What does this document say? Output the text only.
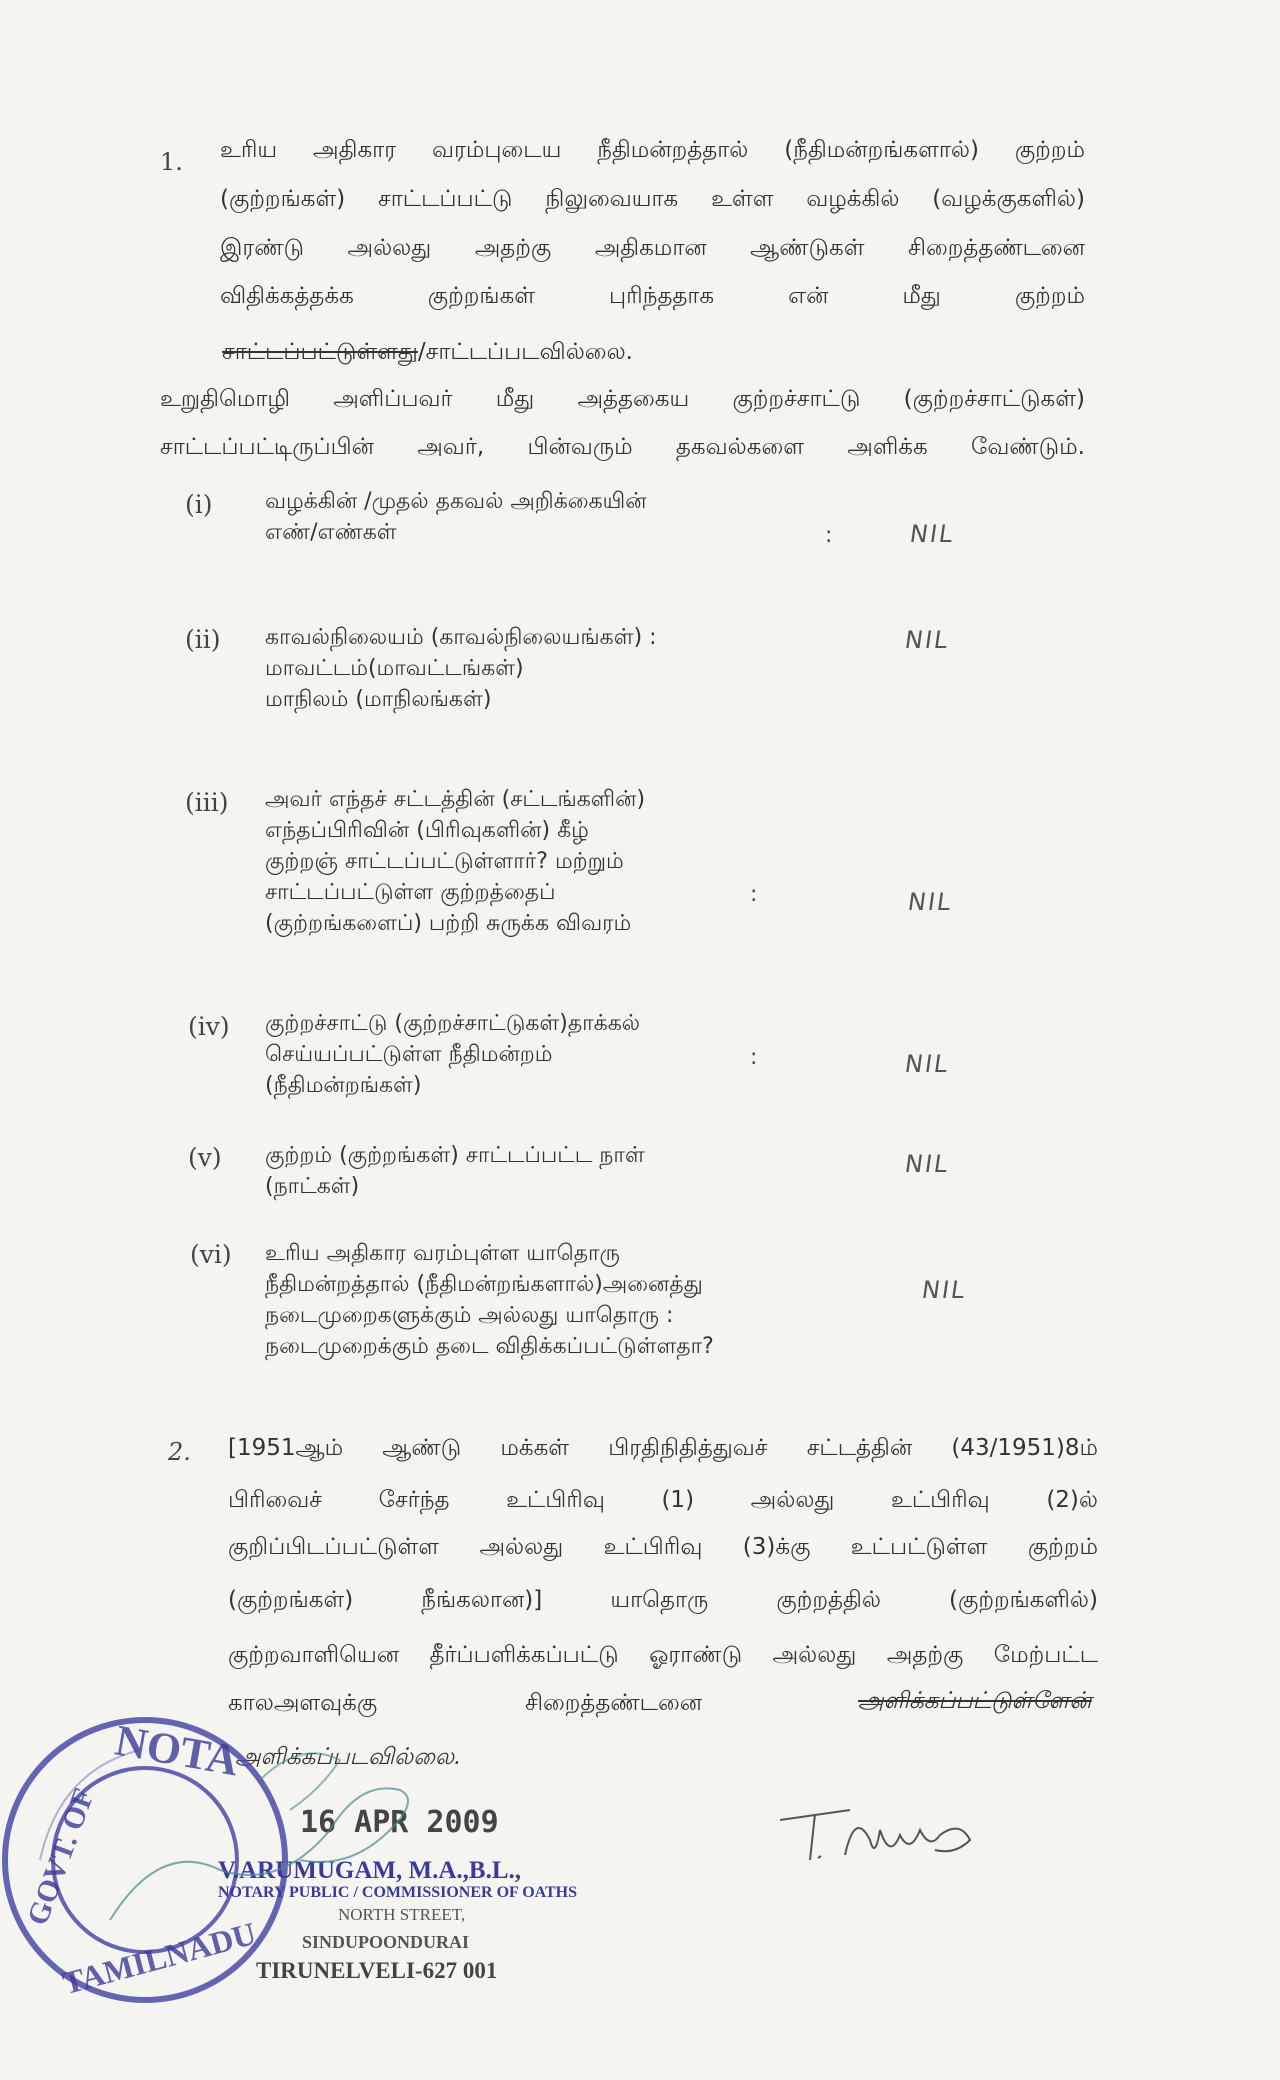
1. உரிய அதிகார வரம்புடைய நீதிமன்றத்தால் (நீதிமன்றங்களால்) குற்றம்
(குற்றங்கள்) சாட்டப்பட்டு நிலுவையாக உள்ள வழக்கில் (வழக்குகளில்)
இரண்டு அல்லது அதற்கு அதிகமான ஆண்டுகள் சிறைத்தண்டனை
விதிக்கத்தக்க குற்றங்கள் புரிந்ததாக என் மீது குற்றம்
சாட்டப்பட்டுள்ளது/சாட்டப்படவில்லை.
உறுதிமொழி அளிப்பவர் மீது அத்தகைய குற்றச்சாட்டு (குற்றச்சாட்டுகள்)
சாட்டப்பட்டிருப்பின் அவர், பின்வரும் தகவல்களை அளிக்க வேண்டும்.
(i) வழக்கின் /முதல் தகவல் அறிக்கையின்
எண்/எண்கள்	:	NIL
(ii) காவல்நிலையம் (காவல்நிலையங்கள்) :
மாவட்டம்(மாவட்டங்கள்)
மாநிலம் (மாநிலங்கள்)
NIL
(iii) அவர் எந்தச் சட்டத்தின் (சட்டங்களின்)
எந்தப்பிரிவின் (பிரிவுகளின்) கீழ்
குற்றஞ் சாட்டப்பட்டுள்ளார்? மற்றும்
சாட்டப்பட்டுள்ள குற்றத்தைப்
(குற்றங்களைப்) பற்றி சுருக்க விவரம்
:	NIL
(iv) குற்றச்சாட்டு (குற்றச்சாட்டுகள்)தாக்கல்
செய்யப்பட்டுள்ள நீதிமன்றம்
(நீதிமன்றங்கள்)
:	NIL
(v) குற்றம் (குற்றங்கள்) சாட்டப்பட்ட நாள்
(நாட்கள்)
NIL
(vi) உரிய அதிகார வரம்புள்ள யாதொரு
நீதிமன்றத்தால் (நீதிமன்றங்களால்)அனைத்து
நடைமுறைகளுக்கும் அல்லது யாதொரு :
நடைமுறைக்கும் தடை விதிக்கப்பட்டுள்ளதா?
NIL
2. [1951ஆம் ஆண்டு மக்கள் பிரதிநிதித்துவச் சட்டத்தின் (43/1951)8ம்
பிரிவைச் சேர்ந்த உட்பிரிவு (1) அல்லது உட்பிரிவு (2)ல்
குறிப்பிடப்பட்டுள்ள அல்லது உட்பிரிவு (3)க்கு உட்பட்டுள்ள குற்றம்
(குற்றங்கள்) நீங்கலான)] யாதொரு குற்றத்தில் (குற்றங்களில்)
குற்றவாளியென தீர்ப்பளிக்கப்பட்டு ஓராண்டு அல்லது அதற்கு மேற்பட்ட
காலஅளவுக்கு	சிறைத்தண்டனை	அளிக்கப்பட்டுள்ளேன்
அளிக்கப்படவில்லை.
NOTA
GOVT. OF
TAMILNADU
16 APR 2009
V.ARUMUGAM, M.A.,B.L.,
NOTARY PUBLIC / COMMISSIONER OF OATHS
NORTH STREET,
SINDUPOONDURAI
TIRUNELVELI-627 001
